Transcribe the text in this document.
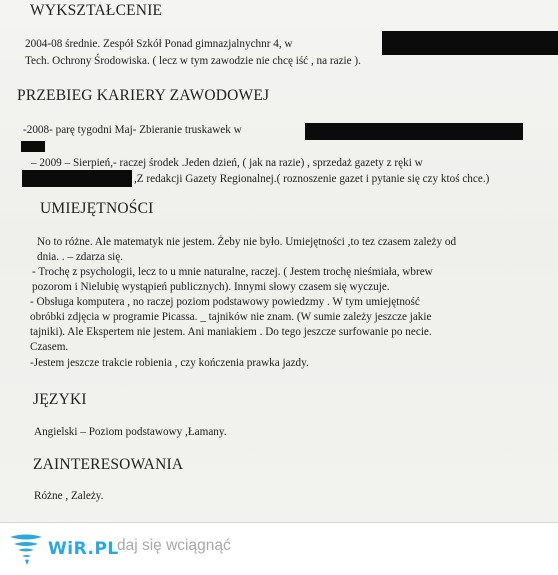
WYKSZTAŁCENIE
2004-08 średnie. Zespół Szkół Ponad gimnazjalnychnr 4, w
Tech. Ochrony Środowiska. ( lecz w tym zawodzie nie chcę iść , na razie ).
PRZEBIEG KARIERY ZAWODOWEJ
-2008- parę tygodni Maj- Zbieranie truskawek w
– 2009 – Sierpień,- raczej środek .Jeden dzień, ( jak na razie) , sprzedaż gazety z ręki w
,Z redakcji Gazety Regionalnej.( roznoszenie gazet i pytanie się czy ktoś chce.)
UMIEJĘTNOŚCI
No to różne. Ale matematyk nie jestem. Żeby nie było. Umiejętności ,to tez czasem zależy od
dnia. . – zdarza się.
- Trochę z psychologii, lecz to u mnie naturalne, raczej. ( Jestem trochę nieśmiała, wbrew
pozorom i Nielubię wystąpień publicznych). Innymi słowy czasem się wyczuje.
- Obsługa komputera , no raczej poziom podstawowy powiedzmy . W tym umiejętność
obróbki zdjęcia w programie Picassa. _ tajników nie znam. (W sumie zależy jeszcze jakie
tajniki). Ale Ekspertem nie jestem. Ani maniakiem . Do tego jeszcze surfowanie po necie.
Czasem.
-Jestem jeszcze trakcie robienia , czy kończenia prawka jazdy.
JĘZYKI
Angielski – Poziom podstawowy ,Łamany.
ZAINTERESOWANIA
Różne , Zależy.
WiR.PL
daj się wciągnąć
